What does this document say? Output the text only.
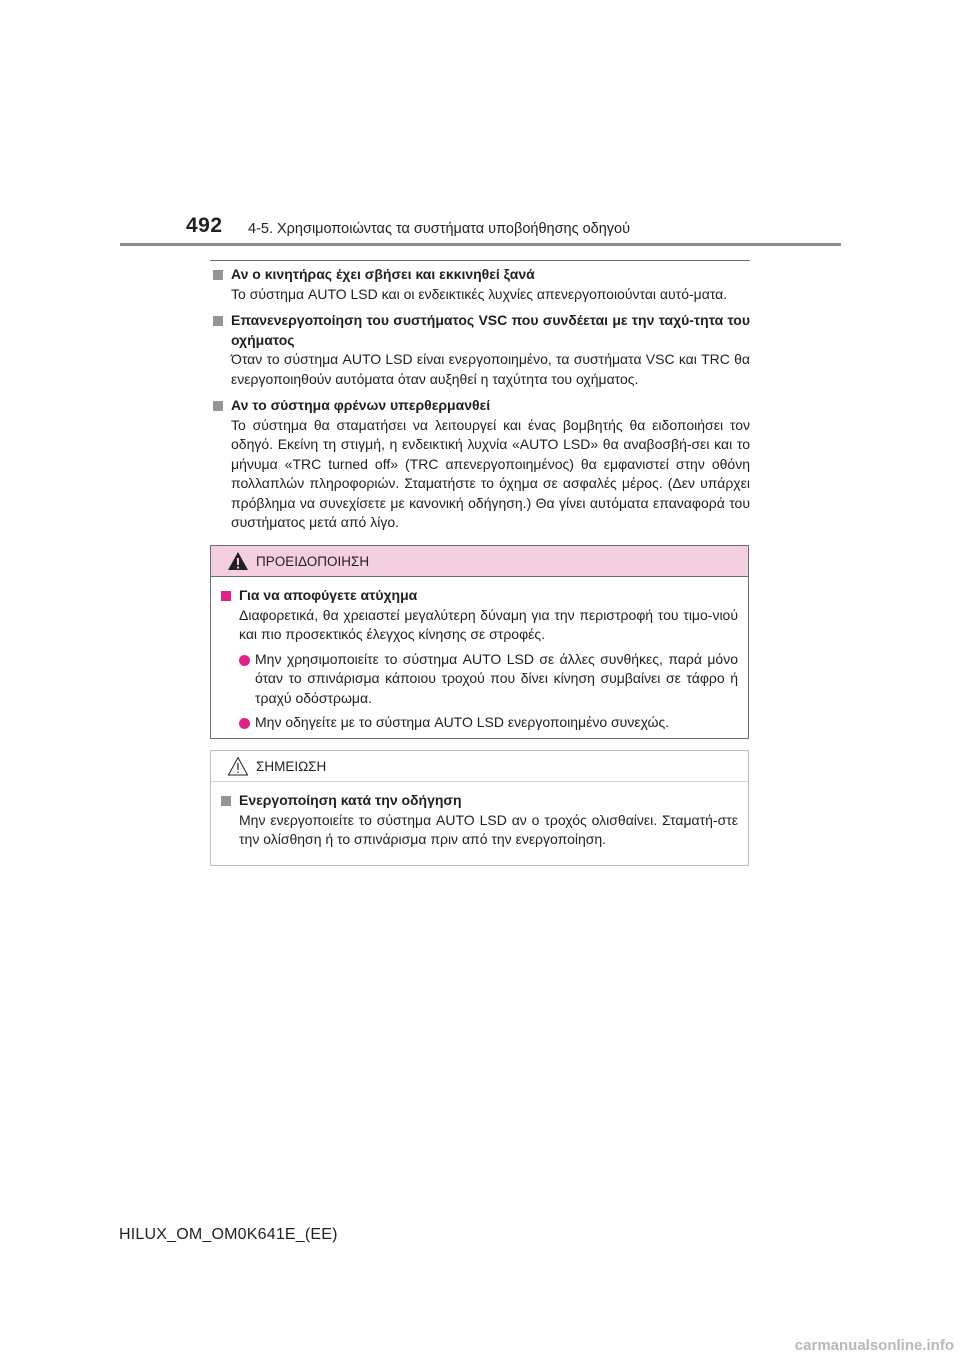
492 4-5. Χρησιμοποιώντας τα συστήματα υποβοήθησης οδηγού
Αν ο κινητήρας έχει σβήσει και εκκινηθεί ξανά
Το σύστημα AUTO LSD και οι ενδεικτικές λυχνίες απενεργοποιούνται αυτό-ματα.
Επανενεργοποίηση του συστήματος VSC που συνδέεται με την ταχύ-τητα του οχήματος
Όταν το σύστημα AUTO LSD είναι ενεργοποιημένο, τα συστήματα VSC και TRC θα ενεργοποιηθούν αυτόματα όταν αυξηθεί η ταχύτητα του οχήματος.
Αν το σύστημα φρένων υπερθερμανθεί
Το σύστημα θα σταματήσει να λειτουργεί και ένας βομβητής θα ειδοποιήσει τον οδηγό. Εκείνη τη στιγμή, η ενδεικτική λυχνία «AUTO LSD» θα αναβοσβή-σει και το μήνυμα «TRC turned off» (TRC απενεργοποιημένος) θα εμφανιστεί στην οθόνη πολλαπλών πληροφοριών. Σταματήστε το όχημα σε ασφαλές μέρος. (Δεν υπάρχει πρόβλημα να συνεχίσετε με κανονική οδήγηση.) Θα γίνει αυτόματα επαναφορά του συστήματος μετά από λίγο.
ΠΡΟΕΙΔΟΠΟΙΗΣΗ
Για να αποφύγετε ατύχημα
Διαφορετικά, θα χρειαστεί μεγαλύτερη δύναμη για την περιστροφή του τιμο-νιού και πιο προσεκτικός έλεγχος κίνησης σε στροφές.
Μην χρησιμοποιείτε το σύστημα AUTO LSD σε άλλες συνθήκες, παρά μόνο όταν το σπινάρισμα κάποιου τροχού που δίνει κίνηση συμβαίνει σε τάφρο ή τραχύ οδόστρωμα.
Μην οδηγείτε με το σύστημα AUTO LSD ενεργοποιημένο συνεχώς.
ΣΗΜΕΙΩΣΗ
Ενεργοποίηση κατά την οδήγηση
Μην ενεργοποιείτε το σύστημα AUTO LSD αν ο τροχός ολισθαίνει. Σταματή-στε την ολίσθηση ή το σπινάρισμα πριν από την ενεργοποίηση.
HILUX_OM_OM0K641E_(EE)
carmanualsonline.info
